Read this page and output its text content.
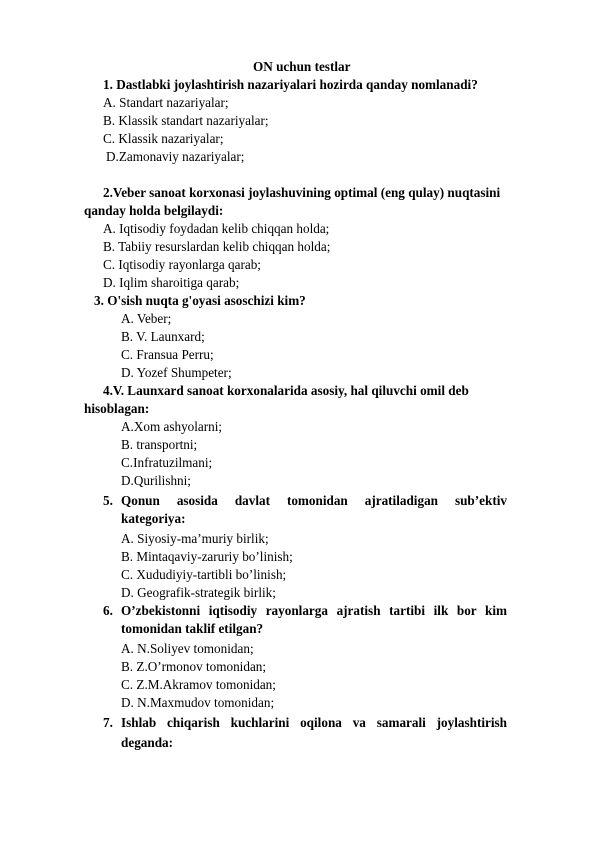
ON uchun testlar
1. Dastlabki joylashtirish nazariyalari hozirda qanday nomlanadi?
A. Standart nazariyalar;
B. Klassik standart nazariyalar;
C. Klassik nazariyalar;
D.Zamonaviy nazariyalar;
2.Veber sanoat korxonasi joylashuvining optimal (eng qulay) nuqtasini
qanday holda belgilaydi:
A. Iqtisodiy foydadan kelib chiqqan holda;
B. Tabiiy resurslardan kelib chiqqan holda;
C. Iqtisodiy rayonlarga qarab;
D. Iqlim sharoitiga qarab;
3. O'sish nuqta g'oyasi asoschizi kim?
A. Veber;
B. V. Launxard;
C. Fransua Perru;
D. Yozef Shumpeter;
4.V. Launxard sanoat korxonalarida asosiy, hal qiluvchi omil deb
hisoblagan:
A.Xom ashyolarni;
B. transportni;
C.Infratuzilmani;
D.Qurilishni;
5. Qonun asosida davlat tomonidan ajratiladigan sub’ektiv
kategoriya:
A. Siyosiy-ma’muriy birlik;
B. Mintaqaviy-zaruriy bo’linish;
C. Xududiyiy-tartibli bo’linish;
D. Geografik-strategik birlik;
6. O’zbekistonni iqtisodiy rayonlarga ajratish tartibi ilk bor kim
tomonidan taklif etilgan?
A. N.Soliyev tomonidan;
B. Z.O’rmonov tomonidan;
C. Z.M.Akramov tomonidan;
D. N.Maxmudov tomonidan;
7. Ishlab chiqarish kuchlarini oqilona va samarali joylashtirish
deganda:
